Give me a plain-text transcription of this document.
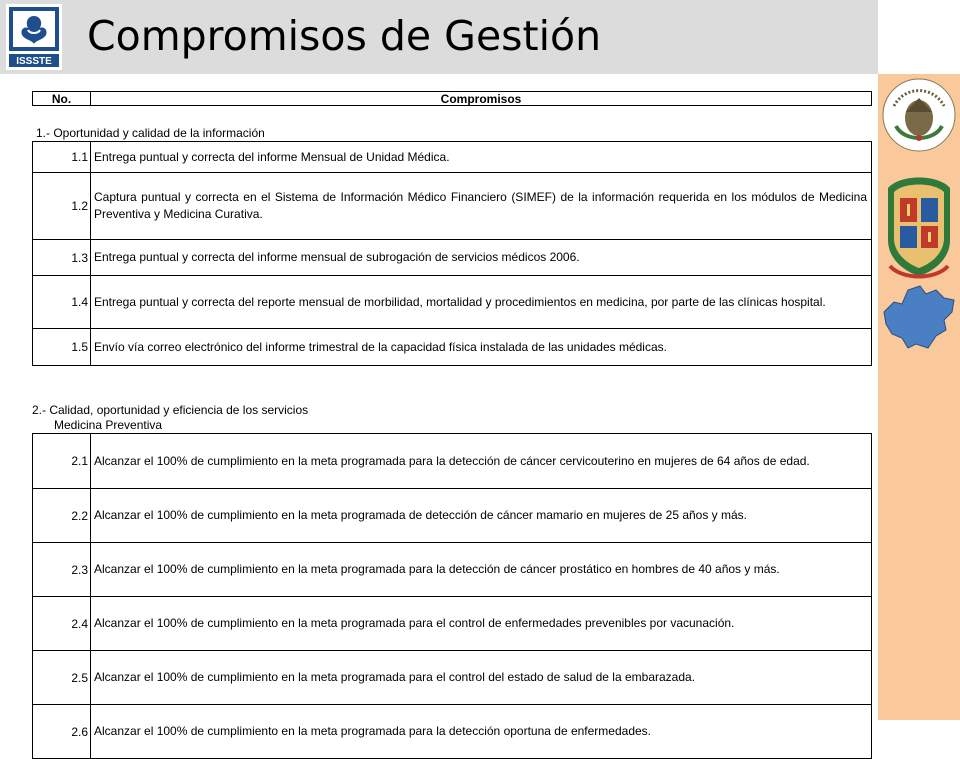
ISSSTE
Compromisos de Gestión
No.	Compromisos
1.- Oportunidad y calidad de la información
1.1	Entrega puntual y correcta del informe Mensual de Unidad Médica.
1.2	Captura puntual y correcta en el Sistema de Información Médico Financiero (SIMEF) de la información requerida en los módulos de Medicina Preventiva y Medicina Curativa.
1.3	Entrega puntual y correcta del informe mensual de subrogación de servicios médicos 2006.
1.4	Entrega puntual y correcta del reporte mensual de morbilidad, mortalidad y procedimientos en medicina, por parte de las clínicas hospital.
1.5	Envío vía correo electrónico del informe trimestral de la capacidad física instalada de las unidades médicas.
2.- Calidad, oportunidad y eficiencia de los servicios
Medicina Preventiva
2.1	Alcanzar el 100% de cumplimiento en la meta programada para la detección de cáncer cervicouterino en mujeres de 64 años de edad.
2.2	Alcanzar el 100% de cumplimiento en la meta programada de detección de cáncer mamario en mujeres de 25 años y más.
2.3	Alcanzar el 100% de cumplimiento en la meta programada para la detección de cáncer prostático en hombres de 40 años y más.
2.4	Alcanzar el 100% de cumplimiento en la meta programada para el control de enfermedades prevenibles por vacunación.
2.5	Alcanzar el 100% de cumplimiento en la meta programada para el control del estado de salud de la embarazada.
2.6	Alcanzar el 100% de cumplimiento en la meta programada para la detección oportuna de enfermedades.
